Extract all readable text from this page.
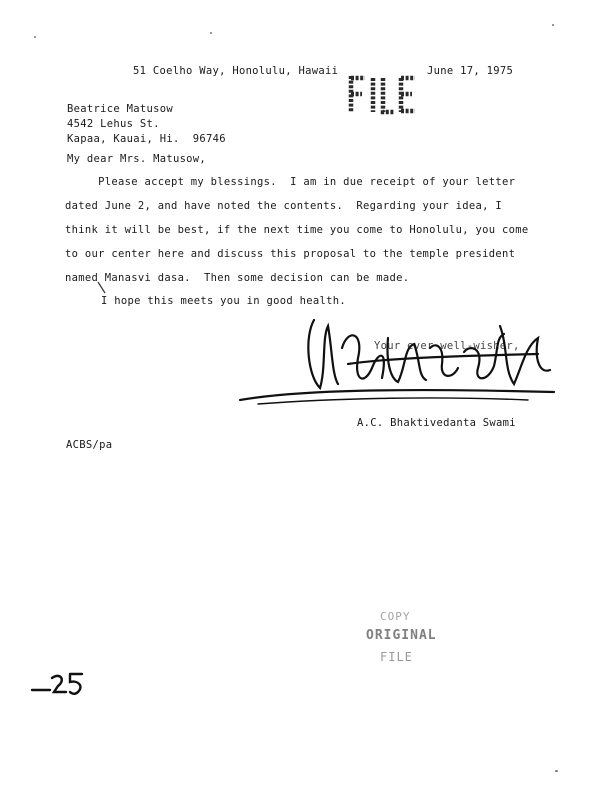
51 Coelho Way, Honolulu, Hawaii	June 17, 1975
Beatrice Matusow
4542 Lehus St.
Kapaa, Kauai, Hi.  96746
My dear Mrs. Matusow,
Please accept my blessings.  I am in due receipt of your letter
dated June 2, and have noted the contents.  Regarding your idea, I
think it will be best, if the next time you come to Honolulu, you come
to our center here and discuss this proposal to the temple president
named Manasvi dasa.  Then some decision can be made.
I hope this meets you in good health.
Your ever well-wisher,
A.C. Bhaktivedanta Swami
ACBS/pa
COPY
ORIGINAL
FILE
